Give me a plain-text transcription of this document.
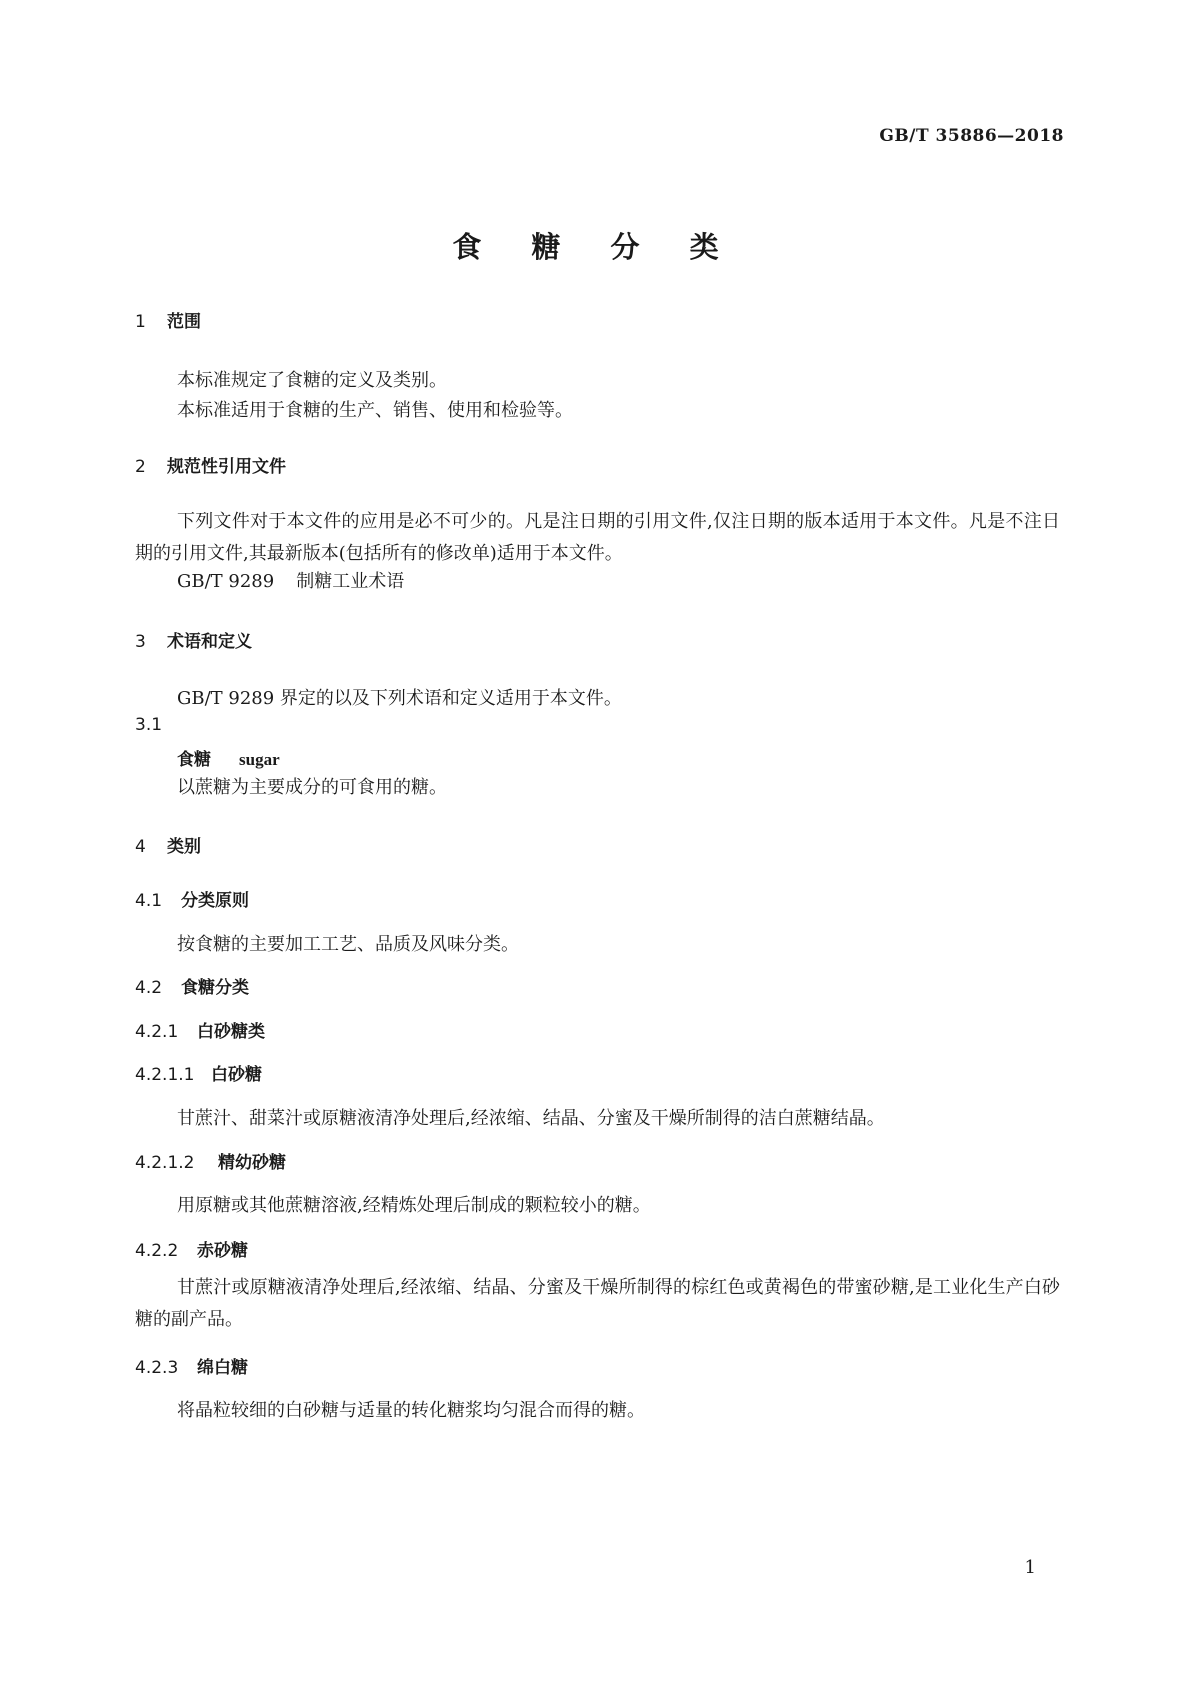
GB/T 35886—2018
食 糖 分 类
1 范围
本标准规定了食糖的定义及类别。
本标准适用于食糖的生产、销售、使用和检验等。
2 规范性引用文件
下列文件对于本文件的应用是必不可少的。凡是注日期的引用文件,仅注日期的版本适用于本文件。凡是不注日期的引用文件,其最新版本(包括所有的修改单)适用于本文件。
GB/T 9289 制糖工业术语
3 术语和定义
GB/T 9289 界定的以及下列术语和定义适用于本文件。
3.1
食糖 sugar
以蔗糖为主要成分的可食用的糖。
4 类别
4.1 分类原则
按食糖的主要加工工艺、品质及风味分类。
4.2 食糖分类
4.2.1 白砂糖类
4.2.1.1 白砂糖
甘蔗汁、甜菜汁或原糖液清净处理后,经浓缩、结晶、分蜜及干燥所制得的洁白蔗糖结晶。
4.2.1.2 精幼砂糖
用原糖或其他蔗糖溶液,经精炼处理后制成的颗粒较小的糖。
4.2.2 赤砂糖
甘蔗汁或原糖液清净处理后,经浓缩、结晶、分蜜及干燥所制得的棕红色或黄褐色的带蜜砂糖,是工业化生产白砂糖的副产品。
4.2.3 绵白糖
将晶粒较细的白砂糖与适量的转化糖浆均匀混合而得的糖。
1
